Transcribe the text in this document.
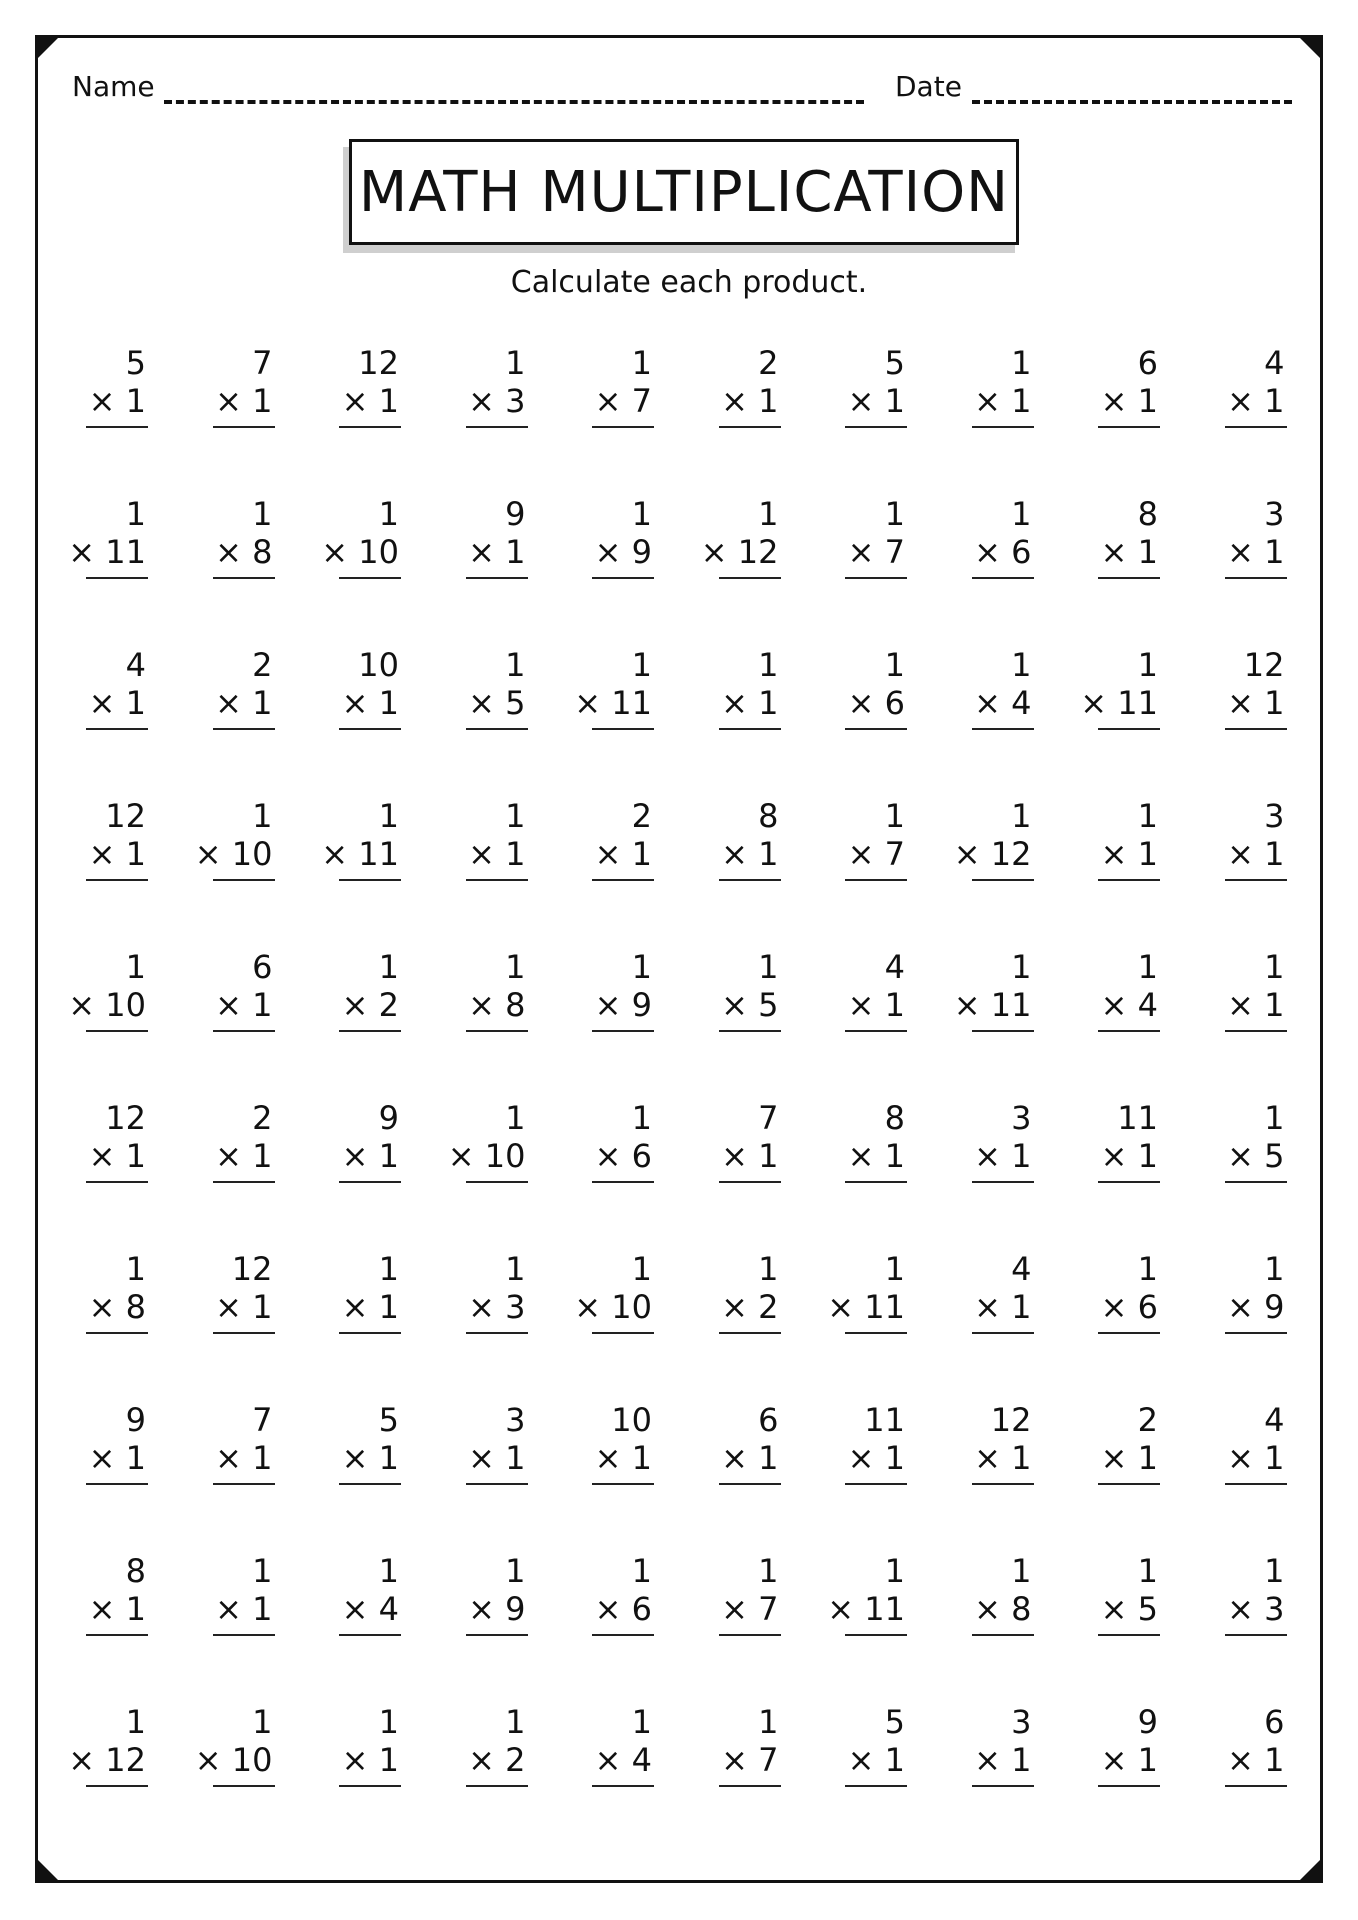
Name	Date
MATH MULTIPLICATION
Calculate each product.
5
× 1
7
× 1
12
× 1
1
× 3
1
× 7
2
× 1
5
× 1
1
× 1
6
× 1
4
× 1
1
× 11
1
× 8
1
× 10
9
× 1
1
× 9
1
× 12
1
× 7
1
× 6
8
× 1
3
× 1
4
× 1
2
× 1
10
× 1
1
× 5
1
× 11
1
× 1
1
× 6
1
× 4
1
× 11
12
× 1
12
× 1
1
× 10
1
× 11
1
× 1
2
× 1
8
× 1
1
× 7
1
× 12
1
× 1
3
× 1
1
× 10
6
× 1
1
× 2
1
× 8
1
× 9
1
× 5
4
× 1
1
× 11
1
× 4
1
× 1
12
× 1
2
× 1
9
× 1
1
× 10
1
× 6
7
× 1
8
× 1
3
× 1
11
× 1
1
× 5
1
× 8
12
× 1
1
× 1
1
× 3
1
× 10
1
× 2
1
× 11
4
× 1
1
× 6
1
× 9
9
× 1
7
× 1
5
× 1
3
× 1
10
× 1
6
× 1
11
× 1
12
× 1
2
× 1
4
× 1
8
× 1
1
× 1
1
× 4
1
× 9
1
× 6
1
× 7
1
× 11
1
× 8
1
× 5
1
× 3
1
× 12
1
× 10
1
× 1
1
× 2
1
× 4
1
× 7
5
× 1
3
× 1
9
× 1
6
× 1
